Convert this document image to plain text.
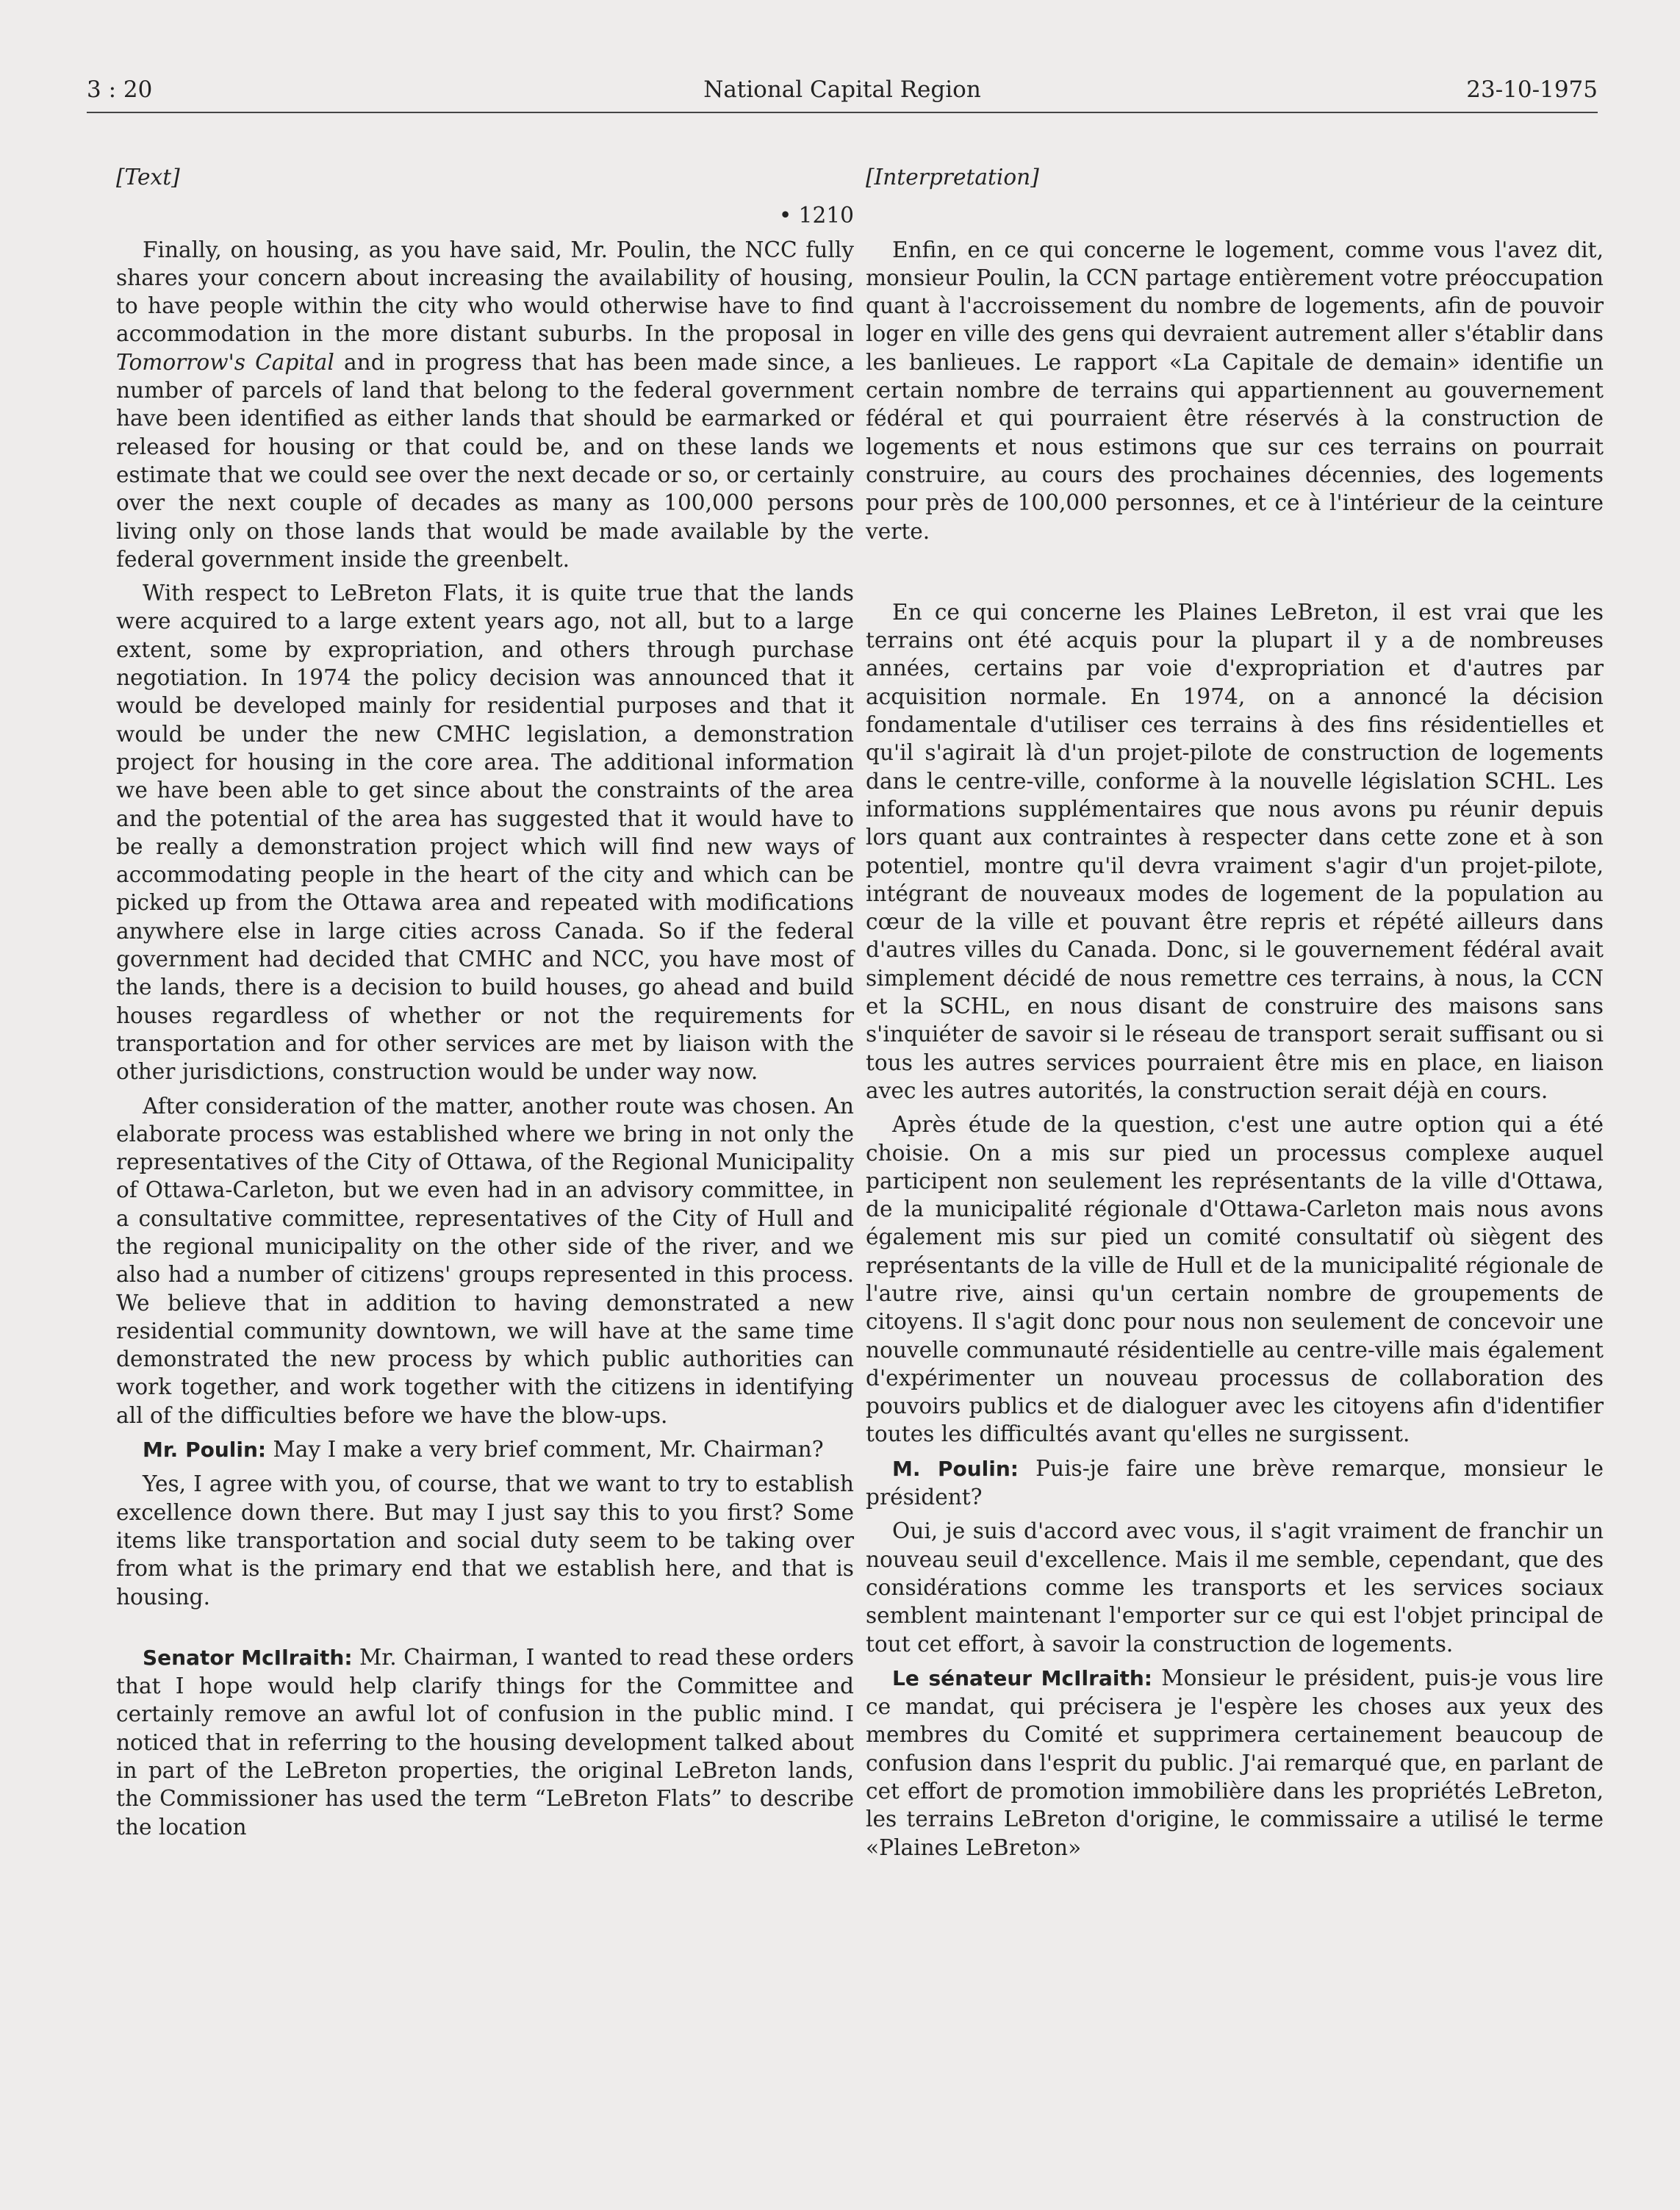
3 : 20	National Capital Region	23-10-1975

[Text]

• 1210

Finally, on housing, as you have said, Mr. Poulin, the NCC fully shares your concern about increasing the availability of housing, to have people within the city who would otherwise have to find accommodation in the more distant suburbs. In the proposal in Tomorrow's Capital and in progress that has been made since, a number of parcels of land that belong to the federal government have been identified as either lands that should be earmarked or released for housing or that could be, and on these lands we estimate that we could see over the next decade or so, or certainly over the next couple of decades as many as 100,000 persons living only on those lands that would be made available by the federal government inside the greenbelt.

With respect to LeBreton Flats, it is quite true that the lands were acquired to a large extent years ago, not all, but to a large extent, some by expropriation, and others through purchase negotiation. In 1974 the policy decision was announced that it would be developed mainly for residential purposes and that it would be under the new CMHC legislation, a demonstration project for housing in the core area. The additional information we have been able to get since about the constraints of the area and the potential of the area has suggested that it would have to be really a demonstration project which will find new ways of accommodating people in the heart of the city and which can be picked up from the Ottawa area and repeated with modifications anywhere else in large cities across Canada. So if the federal government had decided that CMHC and NCC, you have most of the lands, there is a decision to build houses, go ahead and build houses regardless of whether or not the requirements for transportation and for other services are met by liaison with the other jurisdictions, construction would be under way now.

After consideration of the matter, another route was chosen. An elaborate process was established where we bring in not only the representatives of the City of Ottawa, of the Regional Municipality of Ottawa-Carleton, but we even had in an advisory committee, in a consultative committee, representatives of the City of Hull and the regional municipality on the other side of the river, and we also had a number of citizens' groups represented in this process. We believe that in addition to having demonstrated a new residential community downtown, we will have at the same time demonstrated the new process by which public authorities can work together, and work together with the citizens in identifying all of the difficulties before we have the blow-ups.

Mr. Poulin: May I make a very brief comment, Mr. Chairman?

Yes, I agree with you, of course, that we want to try to establish excellence down there. But may I just say this to you first? Some items like transportation and social duty seem to be taking over from what is the primary end that we establish here, and that is housing.

Senator McIlraith: Mr. Chairman, I wanted to read these orders that I hope would help clarify things for the Committee and certainly remove an awful lot of confusion in the public mind. I noticed that in referring to the housing development talked about in part of the LeBreton properties, the original LeBreton lands, the Commissioner has used the term “LeBreton Flats” to describe the location

[Interpretation]

Enfin, en ce qui concerne le logement, comme vous l'avez dit, monsieur Poulin, la CCN partage entièrement votre préoccupation quant à l'accroissement du nombre de logements, afin de pouvoir loger en ville des gens qui devraient autrement aller s'établir dans les banlieues. Le rapport «La Capitale de demain» identifie un certain nombre de terrains qui appartiennent au gouvernement fédéral et qui pourraient être réservés à la construction de logements et nous estimons que sur ces terrains on pourrait construire, au cours des prochaines décennies, des logements pour près de 100,000 personnes, et ce à l'intérieur de la ceinture verte.

En ce qui concerne les Plaines LeBreton, il est vrai que les terrains ont été acquis pour la plupart il y a de nombreuses années, certains par voie d'expropriation et d'autres par acquisition normale. En 1974, on a annoncé la décision fondamentale d'utiliser ces terrains à des fins résidentielles et qu'il s'agirait là d'un projet-pilote de construction de logements dans le centre-ville, conforme à la nouvelle législation SCHL. Les informations supplémentaires que nous avons pu réunir depuis lors quant aux contraintes à respecter dans cette zone et à son potentiel, montre qu'il devra vraiment s'agir d'un projet-pilote, intégrant de nouveaux modes de logement de la population au cœur de la ville et pouvant être repris et répété ailleurs dans d'autres villes du Canada. Donc, si le gouvernement fédéral avait simplement décidé de nous remettre ces terrains, à nous, la CCN et la SCHL, en nous disant de construire des maisons sans s'inquiéter de savoir si le réseau de transport serait suffisant ou si tous les autres services pourraient être mis en place, en liaison avec les autres autorités, la construction serait déjà en cours.

Après étude de la question, c'est une autre option qui a été choisie. On a mis sur pied un processus complexe auquel participent non seulement les représentants de la ville d'Ottawa, de la municipalité régionale d'Ottawa-Carleton mais nous avons également mis sur pied un comité consultatif où siègent des représentants de la ville de Hull et de la municipalité régionale de l'autre rive, ainsi qu'un certain nombre de groupements de citoyens. Il s'agit donc pour nous non seulement de concevoir une nouvelle communauté résidentielle au centre-ville mais également d'expérimenter un nouveau processus de collaboration des pouvoirs publics et de dialoguer avec les citoyens afin d'identifier toutes les difficultés avant qu'elles ne surgissent.

M. Poulin: Puis-je faire une brève remarque, monsieur le président?

Oui, je suis d'accord avec vous, il s'agit vraiment de franchir un nouveau seuil d'excellence. Mais il me semble, cependant, que des considérations comme les transports et les services sociaux semblent maintenant l'emporter sur ce qui est l'objet principal de tout cet effort, à savoir la construction de logements.

Le sénateur McIlraith: Monsieur le président, puis-je vous lire ce mandat, qui précisera je l'espère les choses aux yeux des membres du Comité et supprimera certainement beaucoup de confusion dans l'esprit du public. J'ai remarqué que, en parlant de cet effort de promotion immobilière dans les propriétés LeBreton, les terrains LeBreton d'origine, le commissaire a utilisé le terme «Plaines LeBreton»
